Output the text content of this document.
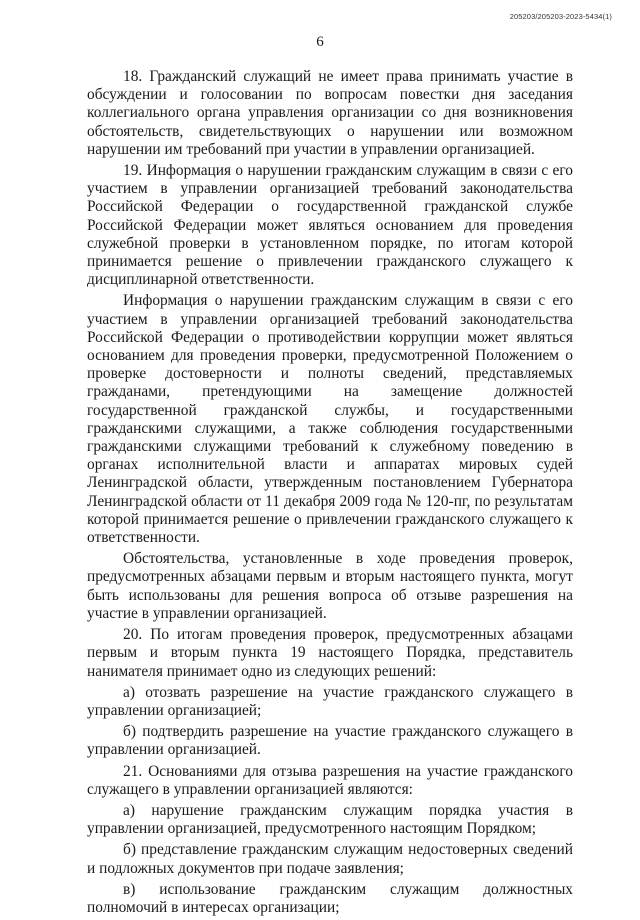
205203/205203-2023-5434(1)
6

18. Гражданский служащий не имеет права принимать участие в обсуждении и голосовании по вопросам повестки дня заседания коллегиального органа управления организации со дня возникновения обстоятельств, свидетельствующих о нарушении или возможном нарушении им требований при участии в управлении организацией.

19. Информация о нарушении гражданским служащим в связи с его участием в управлении организацией требований законодательства Российской Федерации о государственной гражданской службе Российской Федерации может являться основанием для проведения служебной проверки в установленном порядке, по итогам которой принимается решение о привлечении гражданского служащего к дисциплинарной ответственности.

Информация о нарушении гражданским служащим в связи с его участием в управлении организацией требований законодательства Российской Федерации о противодействии коррупции может являться основанием для проведения проверки, предусмотренной Положением о проверке достоверности и полноты сведений, представляемых гражданами, претендующими на замещение должностей государственной гражданской службы, и государственными гражданскими служащими, а также соблюдения государственными гражданскими служащими требований к служебному поведению в органах исполнительной власти и аппаратах мировых судей Ленинградской области, утвержденным постановлением Губернатора Ленинградской области от 11 декабря 2009 года № 120-пг, по результатам которой принимается решение о привлечении гражданского служащего к ответственности.

Обстоятельства, установленные в ходе проведения проверок, предусмотренных абзацами первым и вторым настоящего пункта, могут быть использованы для решения вопроса об отзыве разрешения на участие в управлении организацией.

20. По итогам проведения проверок, предусмотренных абзацами первым и вторым пункта 19 настоящего Порядка, представитель нанимателя принимает одно из следующих решений:

а) отозвать разрешение на участие гражданского служащего в управлении организацией;

б) подтвердить разрешение на участие гражданского служащего в управлении организацией.

21. Основаниями для отзыва разрешения на участие гражданского служащего в управлении организацией являются:

а) нарушение гражданским служащим порядка участия в управлении организацией, предусмотренного настоящим Порядком;

б) представление гражданским служащим недостоверных сведений и подложных документов при подаче заявления;

в) использование гражданским служащим должностных полномочий в интересах организации;
